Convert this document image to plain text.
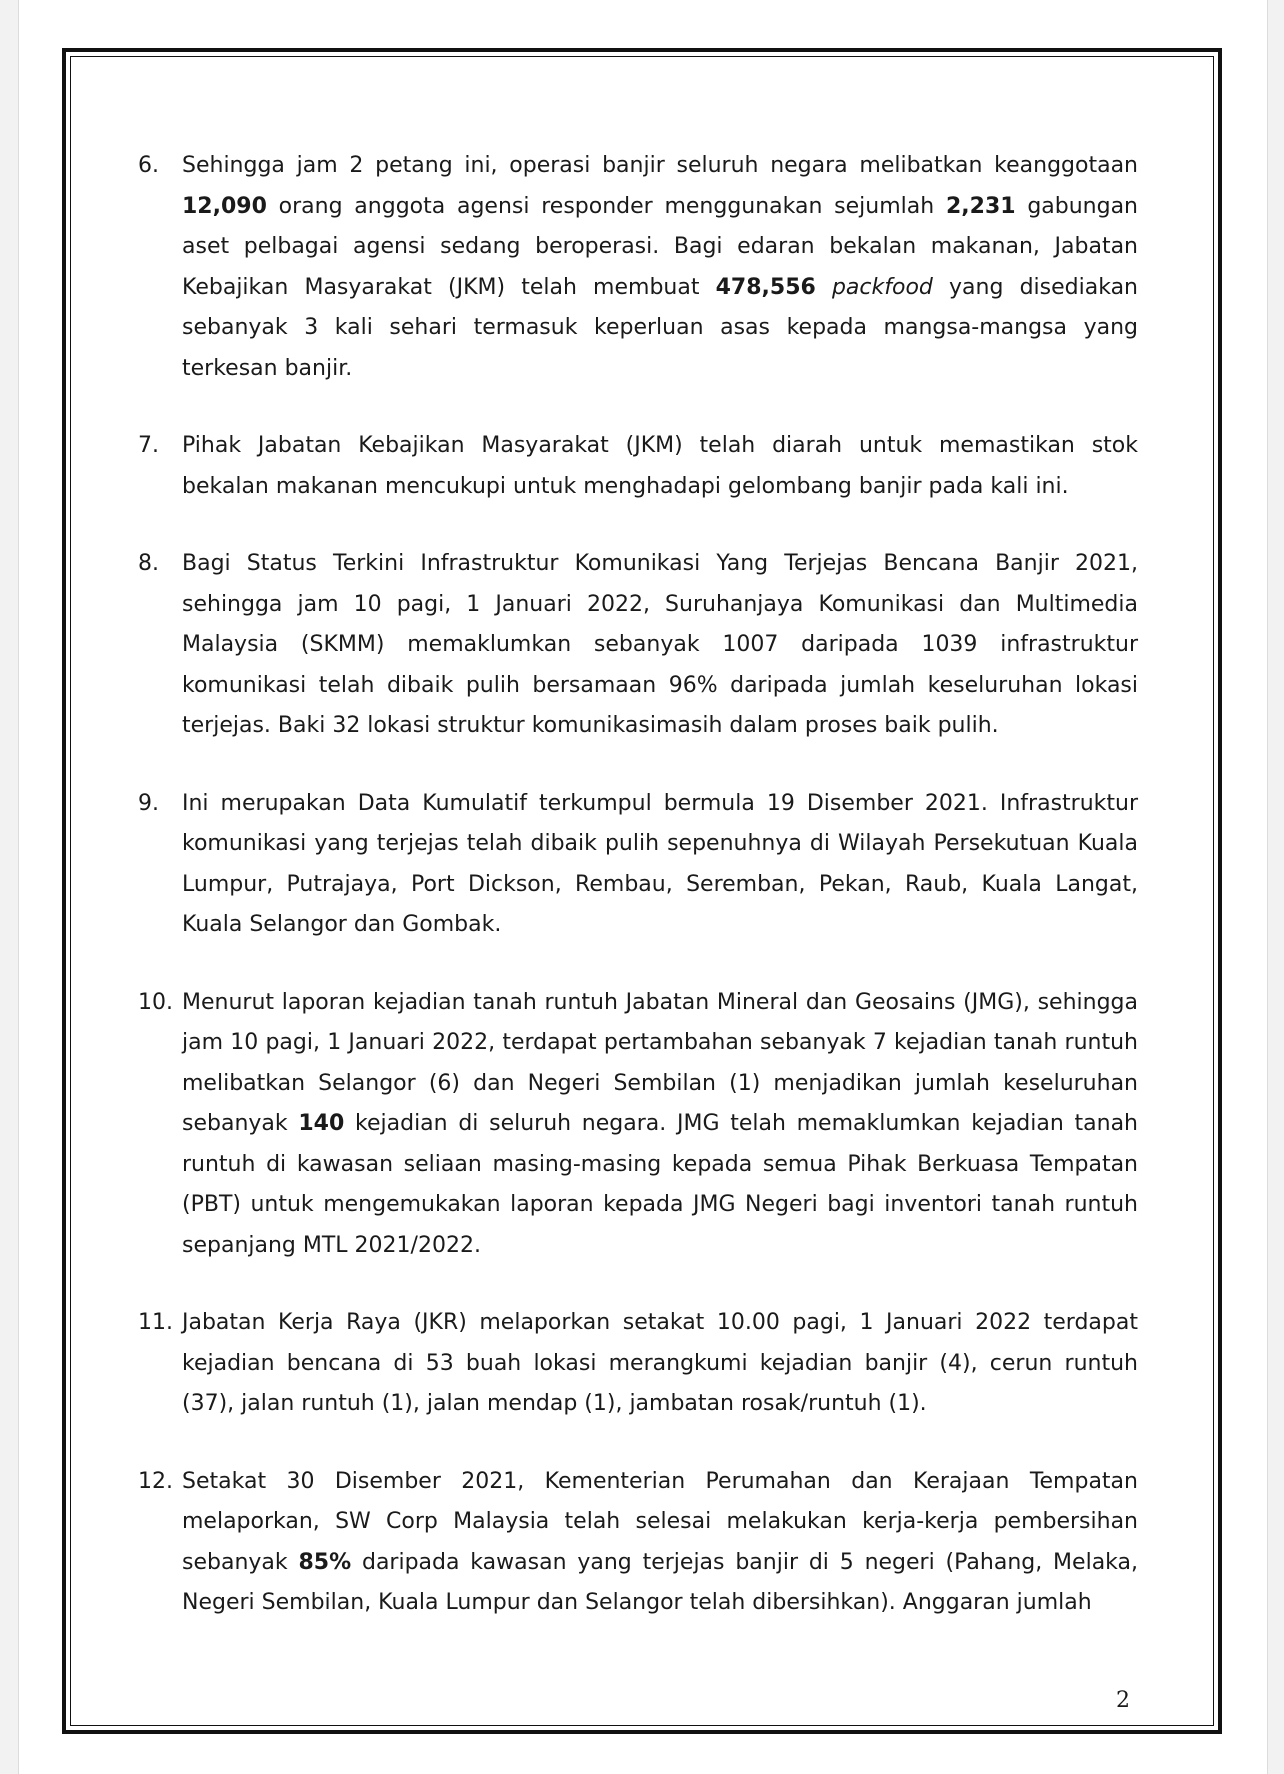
6.	Sehingga jam 2 petang ini, operasi banjir seluruh negara melibatkan keanggotaan 12,090 orang anggota agensi responder menggunakan sejumlah 2,231 gabungan aset pelbagai agensi sedang beroperasi. Bagi edaran bekalan makanan, Jabatan Kebajikan Masyarakat (JKM) telah membuat 478,556 packfood yang disediakan sebanyak 3 kali sehari termasuk keperluan asas kepada mangsa-mangsa yang terkesan banjir.
7.	Pihak Jabatan Kebajikan Masyarakat (JKM) telah diarah untuk memastikan stok bekalan makanan mencukupi untuk menghadapi gelombang banjir pada kali ini.
8.	Bagi Status Terkini Infrastruktur Komunikasi Yang Terjejas Bencana Banjir 2021, sehingga jam 10 pagi, 1 Januari 2022, Suruhanjaya Komunikasi dan Multimedia Malaysia (SKMM) memaklumkan sebanyak 1007 daripada 1039 infrastruktur komunikasi telah dibaik pulih bersamaan 96% daripada jumlah keseluruhan lokasi terjejas. Baki 32 lokasi struktur komunikasimasih dalam proses baik pulih.
9.	Ini merupakan Data Kumulatif terkumpul bermula 19 Disember 2021. Infrastruktur komunikasi yang terjejas telah dibaik pulih sepenuhnya di Wilayah Persekutuan Kuala Lumpur, Putrajaya, Port Dickson, Rembau, Seremban, Pekan, Raub, Kuala Langat, Kuala Selangor dan Gombak.
10. Menurut laporan kejadian tanah runtuh Jabatan Mineral dan Geosains (JMG), sehingga jam 10 pagi, 1 Januari 2022, terdapat pertambahan sebanyak 7 kejadian tanah runtuh melibatkan Selangor (6) dan Negeri Sembilan (1) menjadikan jumlah keseluruhan sebanyak 140 kejadian di seluruh negara. JMG telah memaklumkan kejadian tanah runtuh di kawasan seliaan masing-masing kepada semua Pihak Berkuasa Tempatan (PBT) untuk mengemukakan laporan kepada JMG Negeri bagi inventori tanah runtuh sepanjang MTL 2021/2022.
11. Jabatan Kerja Raya (JKR) melaporkan setakat 10.00 pagi, 1 Januari 2022 terdapat kejadian bencana di 53 buah lokasi merangkumi kejadian banjir (4), cerun runtuh (37), jalan runtuh (1), jalan mendap (1), jambatan rosak/runtuh (1).
12. Setakat 30 Disember 2021, Kementerian Perumahan dan Kerajaan Tempatan melaporkan, SW Corp Malaysia telah selesai melakukan kerja-kerja pembersihan sebanyak 85% daripada kawasan yang terjejas banjir di 5 negeri (Pahang, Melaka, Negeri Sembilan, Kuala Lumpur dan Selangor telah dibersihkan). Anggaran jumlah
2
